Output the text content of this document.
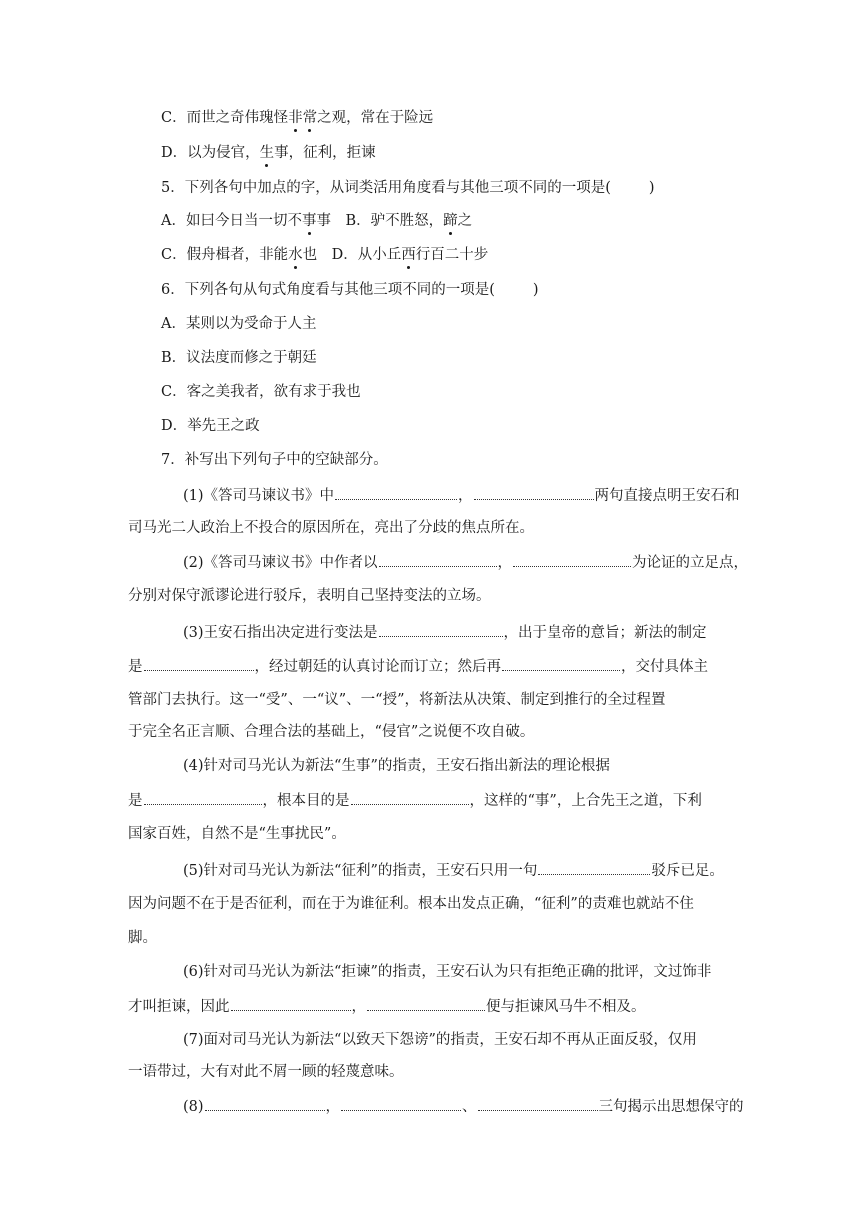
C．而世之奇伟瑰怪非常之观，常在于险远
D．以为侵官，生事，征利，拒谏
5．下列各句中加点的字，从词类活用角度看与其他三项不同的一项是(	)
A．如曰今日当一切不事事　B．驴不胜怒，蹄之
C．假舟楫者，非能水也　D．从小丘西行百二十步
6．下列各句从句式角度看与其他三项不同的一项是(	)
A．某则以为受命于人主
B．议法度而修之于朝廷
C．客之美我者，欲有求于我也
D．举先王之政
7．补写出下列句子中的空缺部分。
(1)《答司马谏议书》中	，	两句直接点明王安石和
司马光二人政治上不投合的原因所在，亮出了分歧的焦点所在。
(2)《答司马谏议书》中作者以	，	为论证的立足点，
分别对保守派谬论进行驳斥，表明自己坚持变法的立场。
(3)王安石指出决定进行变法是	，出于皇帝的意旨；新法的制定
是	，经过朝廷的认真讨论而订立；然后再	，交付具体主
管部门去执行。这一“受”、一“议”、一“授”，将新法从决策、制定到推行的全过程置
于完全名正言顺、合理合法的基础上，“侵官”之说便不攻自破。
(4)针对司马光认为新法“生事”的指责，王安石指出新法的理论根据
是	，根本目的是	，这样的“事”，上合先王之道，下利
国家百姓，自然不是“生事扰民”。
(5)针对司马光认为新法“征利”的指责，王安石只用一句	驳斥已足。
因为问题不在于是否征利，而在于为谁征利。根本出发点正确，“征利”的责难也就站不住
脚。
(6)针对司马光认为新法“拒谏”的指责，王安石认为只有拒绝正确的批评，文过饰非
才叫拒谏，因此	，	便与拒谏风马牛不相及。
(7)面对司马光认为新法“以致天下怨谤”的指责，王安石却不再从正面反驳，仅用
一语带过，大有对此不屑一顾的轻蔑意味。
(8)	，	、	三句揭示出思想保守的
